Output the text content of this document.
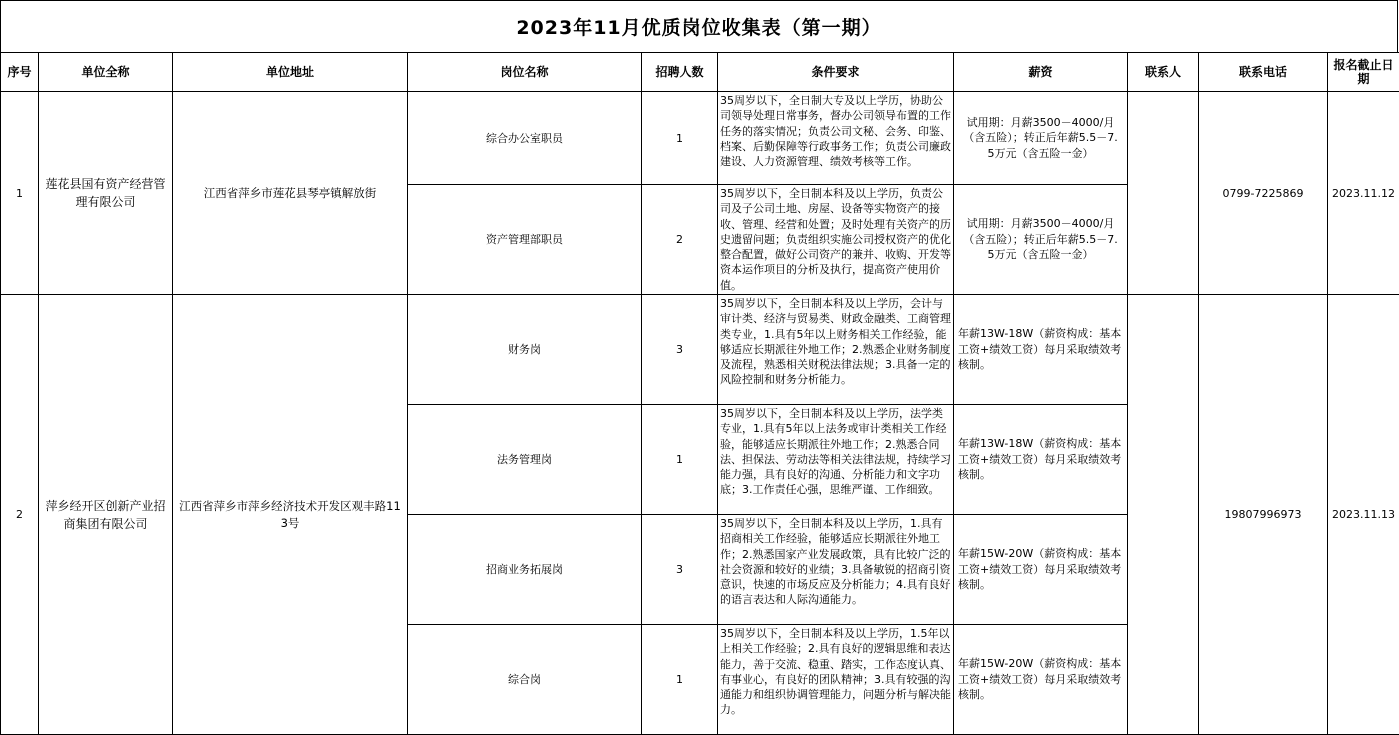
2023年11月优质岗位收集表（第一期）
序号	单位全称	单位地址	岗位名称	招聘人数	条件要求	薪资	联系人	联系电话	报名截止日期
1	莲花县国有资产经营管理有限公司	江西省萍乡市莲花县琴亭镇解放街	综合办公室职员	1	35周岁以下，全日制大专及以上学历，协助公司领导处理日常事务，督办公司领导布置的工作任务的落实情况；负责公司文秘、会务、印鉴、档案、后勤保障等行政事务工作；负责公司廉政建设、人力资源管理、绩效考核等工作。	试用期：月薪3500－4000/月（含五险）；转正后年薪5.5－7.5万元（含五险一金）		0799-7225869	2023.11.12
			资产管理部职员	2	35周岁以下，全日制本科及以上学历，负责公司及子公司土地、房屋、设备等实物资产的接收、管理、经营和处置；及时处理有关资产的历史遗留问题；负责组织实施公司授权资产的优化整合配置，做好公司资产的兼并、收购、开发等资本运作项目的分析及执行，提高资产使用价值。	试用期：月薪3500－4000/月（含五险）；转正后年薪5.5－7.5万元（含五险一金）			
2	萍乡经开区创新产业招商集团有限公司	江西省萍乡市萍乡经济技术开发区观丰路113号	财务岗	3	35周岁以下，全日制本科及以上学历，会计与审计类、经济与贸易类、财政金融类、工商管理类专业，1.具有5年以上财务相关工作经验，能够适应长期派往外地工作；2.熟悉企业财务制度及流程，熟悉相关财税法律法规；3.具备一定的风险控制和财务分析能力。	年薪13W-18W（薪资构成：基本工资+绩效工资）每月采取绩效考核制。		19807996973	2023.11.13
			法务管理岗	1	35周岁以下，全日制本科及以上学历，法学类专业，1.具有5年以上法务或审计类相关工作经验，能够适应长期派往外地工作；2.熟悉合同法、担保法、劳动法等相关法律法规，持续学习能力强，具有良好的沟通、分析能力和文字功底；3.工作责任心强，思维严谨、工作细致。	年薪13W-18W（薪资构成：基本工资+绩效工资）每月采取绩效考核制。			
			招商业务拓展岗	3	35周岁以下，全日制本科及以上学历，1.具有招商相关工作经验，能够适应长期派往外地工作；2.熟悉国家产业发展政策，具有比较广泛的社会资源和较好的业绩；3.具备敏锐的招商引资意识，快速的市场反应及分析能力；4.具有良好的语言表达和人际沟通能力。	年薪15W-20W（薪资构成：基本工资+绩效工资）每月采取绩效考核制。			
			综合岗	1	35周岁以下，全日制本科及以上学历，1.5年以上相关工作经验；2.具有良好的逻辑思维和表达能力，善于交流、稳重、踏实，工作态度认真、有事业心，有良好的团队精神；3.具有较强的沟通能力和组织协调管理能力，问题分析与解决能力。	年薪15W-20W（薪资构成：基本工资+绩效工资）每月采取绩效考核制。			
